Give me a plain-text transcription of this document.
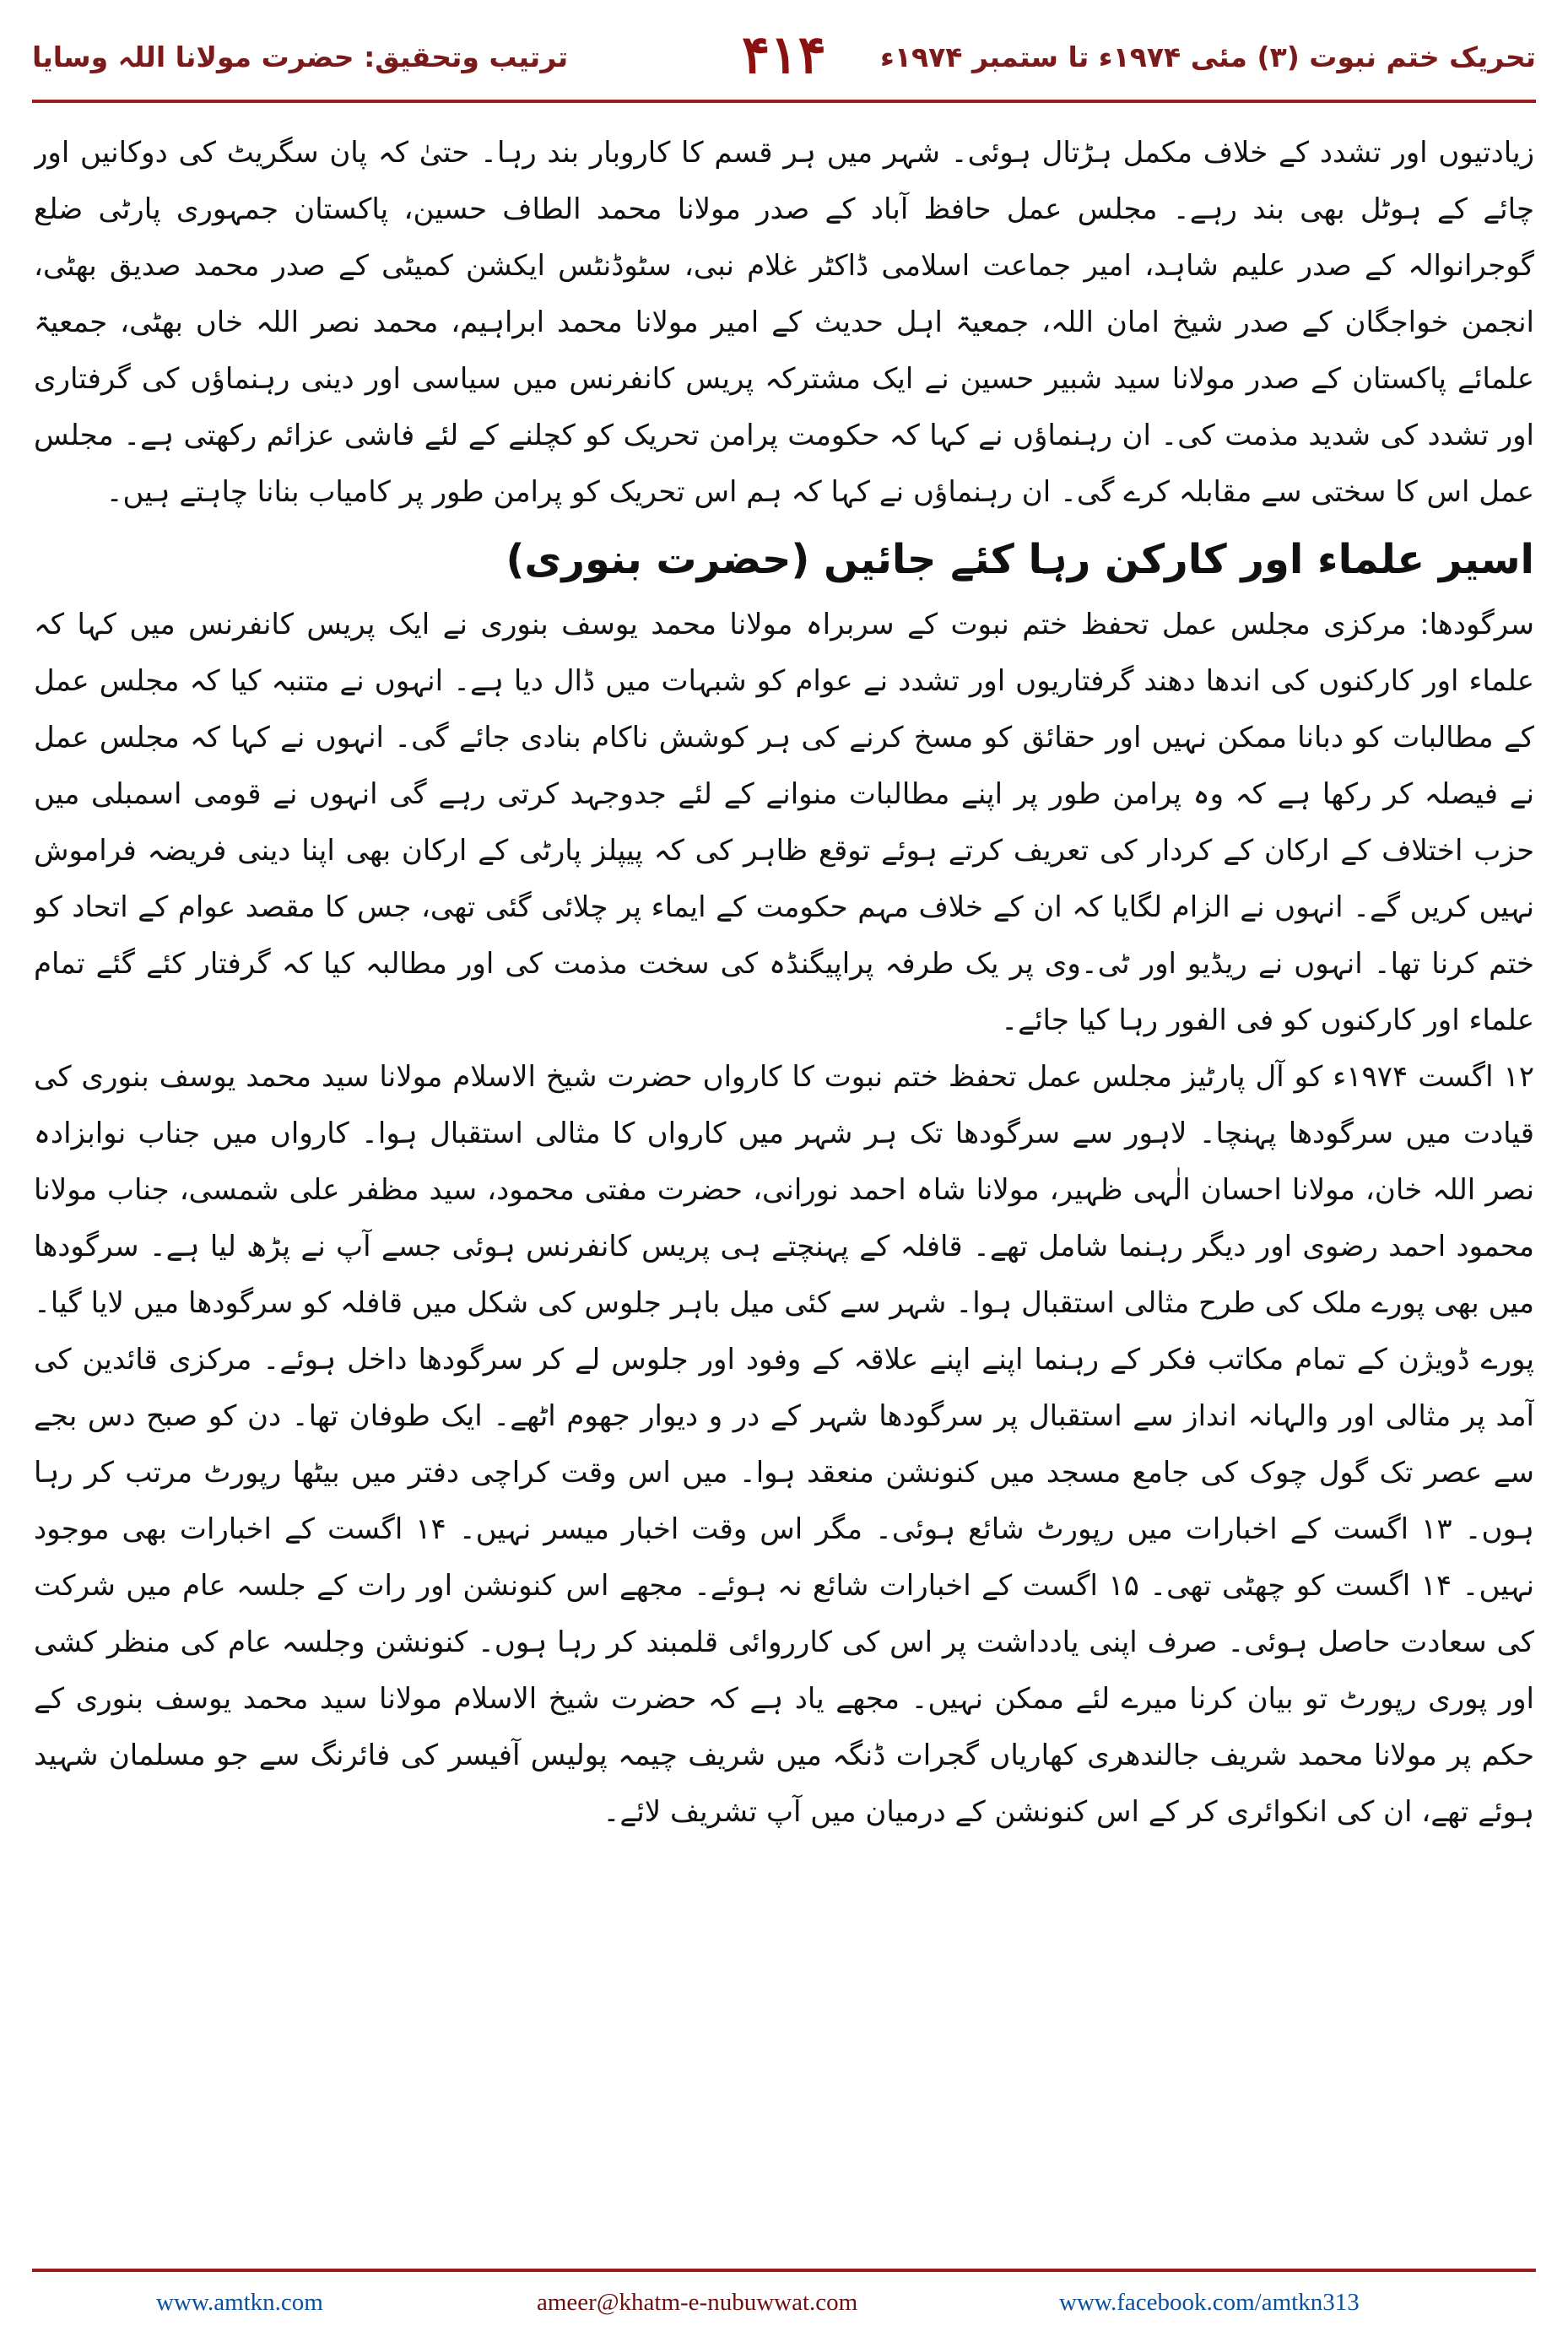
ترتیب وتحقیق: حضرت مولانا اللہ وسایا	۴۱۴	تحریک ختم نبوت (۳) مئی ۱۹۷۴ء تا ستمبر ۱۹۷۴ء

زیادتیوں اور تشدد کے خلاف مکمل ہڑتال ہوئی۔ شہر میں ہر قسم کا کاروبار بند رہا۔ حتیٰ کہ پان سگریٹ کی دوکانیں اور چائے کے ہوٹل بھی بند رہے۔ مجلس عمل حافظ آباد کے صدر مولانا محمد الطاف حسین، پاکستان جمہوری پارٹی ضلع گوجرانوالہ کے صدر علیم شاہد، امیر جماعت اسلامی ڈاکٹر غلام نبی، سٹوڈنٹس ایکشن کمیٹی کے صدر محمد صدیق بھٹی، انجمن خواجگان کے صدر شیخ امان اللہ، جمعیۃ اہل حدیث کے امیر مولانا محمد ابراہیم، محمد نصر اللہ خاں بھٹی، جمعیۃ علمائے پاکستان کے صدر مولانا سید شبیر حسین نے ایک مشترکہ پریس کانفرنس میں سیاسی اور دینی رہنماؤں کی گرفتاری اور تشدد کی شدید مذمت کی۔ ان رہنماؤں نے کہا کہ حکومت پرامن تحریک کو کچلنے کے لئے فاشی عزائم رکھتی ہے۔ مجلس عمل اس کا سختی سے مقابلہ کرے گی۔ ان رہنماؤں نے کہا کہ ہم اس تحریک کو پرامن طور پر کامیاب بنانا چاہتے ہیں۔

اسیر علماء اور کارکن رہا کئے جائیں (حضرت بنوری)

سرگودھا: مرکزی مجلس عمل تحفظ ختم نبوت کے سربراہ مولانا محمد یوسف بنوری نے ایک پریس کانفرنس میں کہا کہ علماء اور کارکنوں کی اندھا دھند گرفتاریوں اور تشدد نے عوام کو شبہات میں ڈال دیا ہے۔ انہوں نے متنبہ کیا کہ مجلس عمل کے مطالبات کو دبانا ممکن نہیں اور حقائق کو مسخ کرنے کی ہر کوشش ناکام بنادی جائے گی۔ انہوں نے کہا کہ مجلس عمل نے فیصلہ کر رکھا ہے کہ وہ پرامن طور پر اپنے مطالبات منوانے کے لئے جدوجہد کرتی رہے گی انہوں نے قومی اسمبلی میں حزب اختلاف کے ارکان کے کردار کی تعریف کرتے ہوئے توقع ظاہر کی کہ پیپلز پارٹی کے ارکان بھی اپنا دینی فریضہ فراموش نہیں کریں گے۔ انہوں نے الزام لگایا کہ ان کے خلاف مہم حکومت کے ایماء پر چلائی گئی تھی، جس کا مقصد عوام کے اتحاد کو ختم کرنا تھا۔ انہوں نے ریڈیو اور ٹی۔وی پر یک طرفہ پراپیگنڈہ کی سخت مذمت کی اور مطالبہ کیا کہ گرفتار کئے گئے تمام علماء اور کارکنوں کو فی الفور رہا کیا جائے۔

۱۲ اگست ۱۹۷۴ء کو آل پارٹیز مجلس عمل تحفظ ختم نبوت کا کارواں حضرت شیخ الاسلام مولانا سید محمد یوسف بنوری کی قیادت میں سرگودھا پہنچا۔ لاہور سے سرگودھا تک ہر شہر میں کارواں کا مثالی استقبال ہوا۔ کارواں میں جناب نوابزادہ نصر اللہ خان، مولانا احسان الٰہی ظہیر، مولانا شاہ احمد نورانی، حضرت مفتی محمود، سید مظفر علی شمسی، جناب مولانا محمود احمد رضوی اور دیگر رہنما شامل تھے۔ قافلہ کے پہنچتے ہی پریس کانفرنس ہوئی جسے آپ نے پڑھ لیا ہے۔ سرگودھا میں بھی پورے ملک کی طرح مثالی استقبال ہوا۔ شہر سے کئی میل باہر جلوس کی شکل میں قافلہ کو سرگودھا میں لایا گیا۔ پورے ڈویژن کے تمام مکاتب فکر کے رہنما اپنے اپنے علاقہ کے وفود اور جلوس لے کر سرگودھا داخل ہوئے۔ مرکزی قائدین کی آمد پر مثالی اور والہانہ انداز سے استقبال پر سرگودھا شہر کے در و دیوار جھوم اٹھے۔ ایک طوفان تھا۔ دن کو صبح دس بجے سے عصر تک گول چوک کی جامع مسجد میں کنونشن منعقد ہوا۔ میں اس وقت کراچی دفتر میں بیٹھا رپورٹ مرتب کر رہا ہوں۔ ۱۳ اگست کے اخبارات میں رپورٹ شائع ہوئی۔ مگر اس وقت اخبار میسر نہیں۔ ۱۴ اگست کے اخبارات بھی موجود نہیں۔ ۱۴ اگست کو چھٹی تھی۔ ۱۵ اگست کے اخبارات شائع نہ ہوئے۔ مجھے اس کنونشن اور رات کے جلسہ عام میں شرکت کی سعادت حاصل ہوئی۔ صرف اپنی یادداشت پر اس کی کارروائی قلمبند کر رہا ہوں۔ کنونشن وجلسہ عام کی منظر کشی اور پوری رپورٹ تو بیان کرنا میرے لئے ممکن نہیں۔ مجھے یاد ہے کہ حضرت شیخ الاسلام مولانا سید محمد یوسف بنوری کے حکم پر مولانا محمد شریف جالندھری کھاریاں گجرات ڈنگہ میں شریف چیمہ پولیس آفیسر کی فائرنگ سے جو مسلمان شہید ہوئے تھے، ان کی انکوائری کر کے اس کنونشن کے درمیان میں آپ تشریف لائے۔

www.amtkn.com	ameer@khatm-e-nubuwwat.com	www.facebook.com/amtkn313
